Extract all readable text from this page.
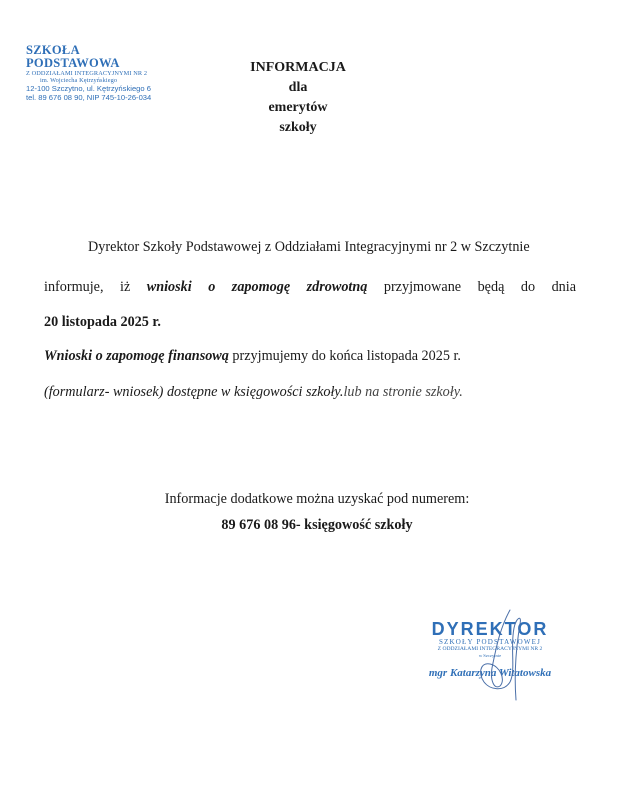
SZKOŁA PODSTAWOWA
Z ODDZIAŁAMI INTEGRACYJNYMI NR 2
im. Wojciecha Kętrzyńskiego
12-100 Szczytno, ul. Kętrzyńskiego 6
tel. 89 676 08 90, NIP 745-10-26-034
INFORMACJA
dla
emerytów
szkoły
Dyrektor Szkoły Podstawowej z Oddziałami Integracyjnymi nr 2 w Szczytnie
informuje, iż wnioski o zapomogę zdrowotną przyjmowane będą do dnia
20 listopada 2025 r.
Wnioski o zapomogę finansową przyjmujemy do końca listopada 2025 r.
(formularz- wniosek) dostępne w księgowości szkoły.lub na stronie szkoły.
Informacje dodatkowe można uzyskać pod numerem:
89 676 08 96- księgowość szkoły
DYREKTOR
SZKOŁY PODSTAWOWEJ
Z ODDZIAŁAMI INTEGRACYJNYMI NR 2
w Szczytnie
mgr Katarzyna Witatowska
